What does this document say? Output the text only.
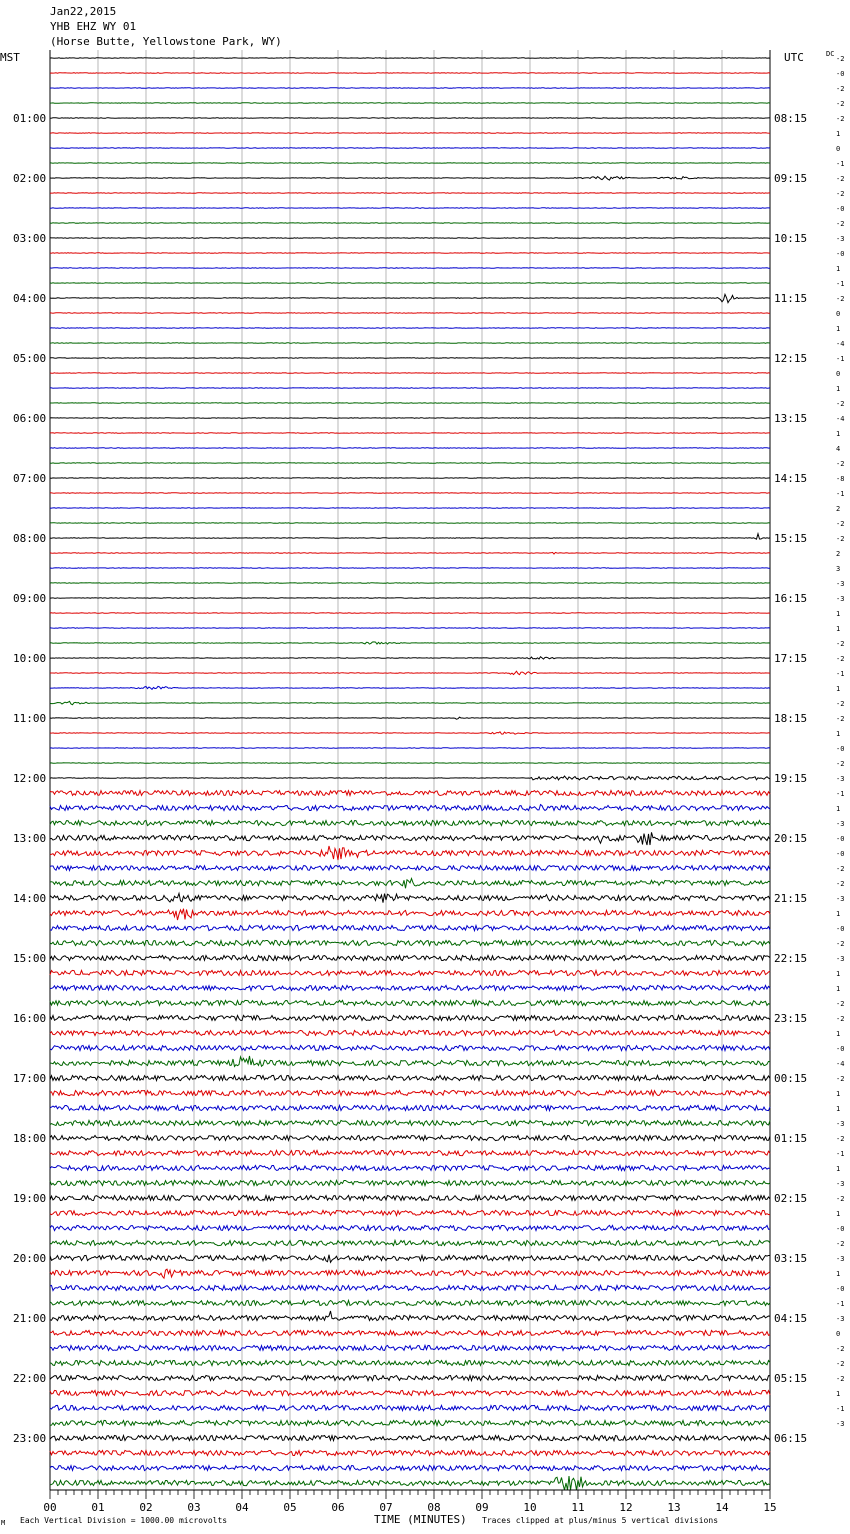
Jan22,2015
YHB EHZ WY 01
(Horse Butte, Yellowstone Park, WY)
MST	UTC	DC
TIME (MINUTES)
Each Vertical Division = 1000.00 microvolts	Traces clipped at plus/minus 5 vertical divisions
M
-2
-0
-2
-2
-2
1
0
-1
-2
-2
-0
-2
-3
-0
1
-1
-2
0
1
-4
-1
0
1
-2
-4
1
4
-2
-8
-1
2
-2
-2
2
3
-3
-3
1
1
-2
-2
-1
1
-2
-2
1
-0
-2
-3
-1
1
-3
-0
-0
-2
-2
-3
1
-0
-2
-3
1
1
-2
-2
1
-0
-4
-2
1
1
-3
-2
-1
1
-3
-2
1
-0
-2
-3
1
-0
-1
-3
0
-2
-2
-2
1
-1
-3
01:00	08:15
02:00	09:15
03:00	10:15
04:00	11:15
05:00	12:15
06:00	13:15
07:00	14:15
08:00	15:15
09:00	16:15
10:00	17:15
11:00	18:15
12:00	19:15
13:00	20:15
14:00	21:15
15:00	22:15
16:00	23:15
17:00	00:15
18:00	01:15
19:00	02:15
20:00	03:15
21:00	04:15
22:00	05:15
23:00	06:15
00	01	02	03	04	05	06	07	08	09	10	11	12	13	14	15
